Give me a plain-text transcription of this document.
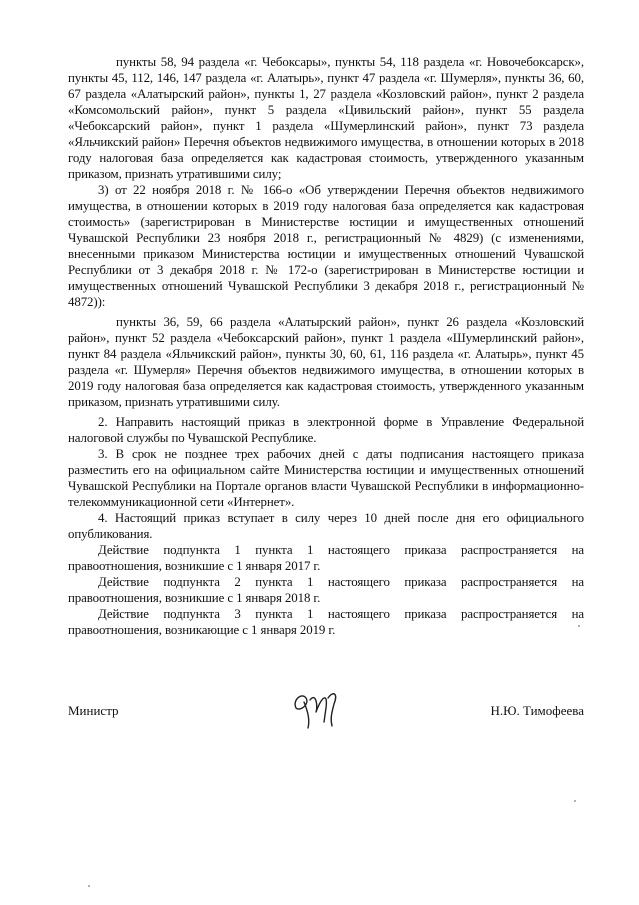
пункты 58, 94 раздела «г. Чебоксары», пункты 54, 118 раздела «г. Новочебоксарск», пункты 45, 112, 146, 147 раздела «г. Алатырь», пункт 47 раздела «г. Шумерля», пункты 36, 60, 67 раздела «Алатырский район», пункты 1, 27 раздела «Козловский район», пункт 2 раздела «Комсомольский район», пункт 5 раздела «Цивильский район», пункт 55 раздела «Чебоксарский район», пункт 1 раздела «Шумерлинский район», пункт 73 раздела «Яльчикский район» Перечня объектов недвижимого имущества, в отношении которых в 2018 году налоговая база определяется как кадастровая стоимость, утвержденного указанным приказом, признать утратившими силу;

3) от 22 ноября 2018 г. № 166-о «Об утверждении Перечня объектов недвижимого имущества, в отношении которых в 2019 году налоговая база определяется как кадастровая стоимость» (зарегистрирован в Министерстве юстиции и имущественных отношений Чувашской Республики 23 ноября 2018 г., регистрационный № 4829) (с изменениями, внесенными приказом Министерства юстиции и имущественных отношений Чувашской Республики от 3 декабря 2018 г. № 172-о (зарегистрирован в Министерстве юстиции и имущественных отношений Чувашской Республики 3 декабря 2018 г., регистрационный № 4872)):

пункты 36, 59, 66 раздела «Алатырский район», пункт 26 раздела «Козловский район», пункт 52 раздела «Чебоксарский район», пункт 1 раздела «Шумерлинский район», пункт 84 раздела «Яльчикский район», пункты 30, 60, 61, 116 раздела «г. Алатырь», пункт 45 раздела «г. Шумерля» Перечня объектов недвижимого имущества, в отношении которых в 2019 году налоговая база определяется как кадастровая стоимость, утвержденного указанным приказом, признать утратившими силу.

2. Направить настоящий приказ в электронной форме в Управление Федеральной налоговой службы по Чувашской Республике.

3. В срок не позднее трех рабочих дней с даты подписания настоящего приказа разместить его на официальном сайте Министерства юстиции и имущественных отношений Чувашской Республики на Портале органов власти Чувашской Республики в информационно-телекоммуникационной сети «Интернет».

4. Настоящий приказ вступает в силу через 10 дней после дня его официального опубликования.

Действие подпункта 1 пункта 1 настоящего приказа распространяется на правоотношения, возникшие с 1 января 2017 г.

Действие подпункта 2 пункта 1 настоящего приказа распространяется на правоотношения, возникшие с 1 января 2018 г.

Действие подпункта 3 пункта 1 настоящего приказа распространяется на правоотношения, возникающие с 1 января 2019 г.

Министр	Н.Ю. Тимофеева
